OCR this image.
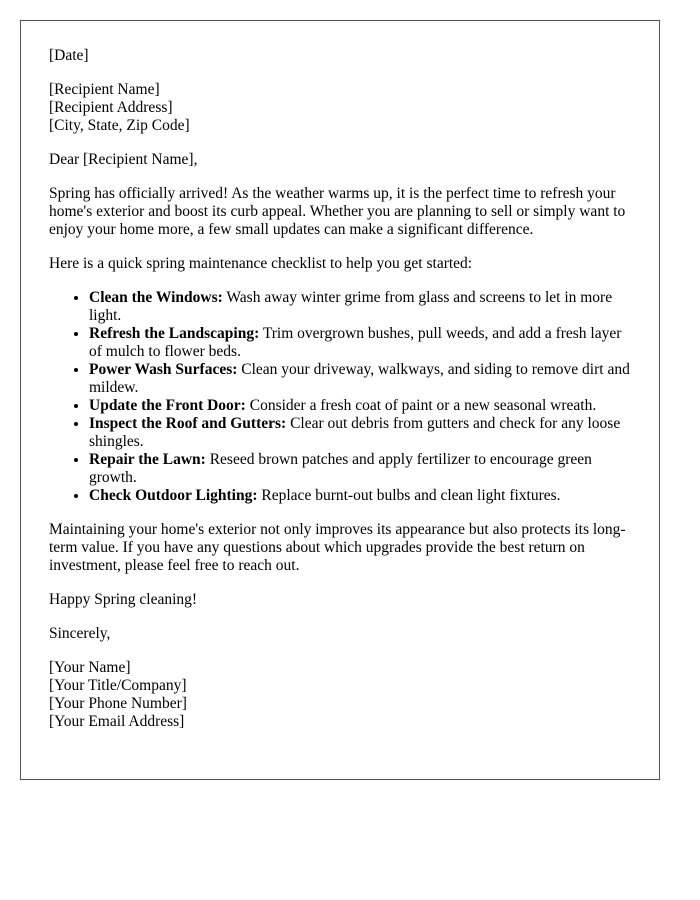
[Date]
[Recipient Name]
[Recipient Address]
[City, State, Zip Code]
Dear [Recipient Name],
Spring has officially arrived! As the weather warms up, it is the perfect time to refresh your home's exterior and boost its curb appeal. Whether you are planning to sell or simply want to enjoy your home more, a few small updates can make a significant difference.
Here is a quick spring maintenance checklist to help you get started:
• Clean the Windows: Wash away winter grime from glass and screens to let in more light.
• Refresh the Landscaping: Trim overgrown bushes, pull weeds, and add a fresh layer of mulch to flower beds.
• Power Wash Surfaces: Clean your driveway, walkways, and siding to remove dirt and mildew.
• Update the Front Door: Consider a fresh coat of paint or a new seasonal wreath.
• Inspect the Roof and Gutters: Clear out debris from gutters and check for any loose shingles.
• Repair the Lawn: Reseed brown patches and apply fertilizer to encourage green growth.
• Check Outdoor Lighting: Replace burnt-out bulbs and clean light fixtures.
Maintaining your home's exterior not only improves its appearance but also protects its long-term value. If you have any questions about which upgrades provide the best return on investment, please feel free to reach out.
Happy Spring cleaning!
Sincerely,
[Your Name]
[Your Title/Company]
[Your Phone Number]
[Your Email Address]
